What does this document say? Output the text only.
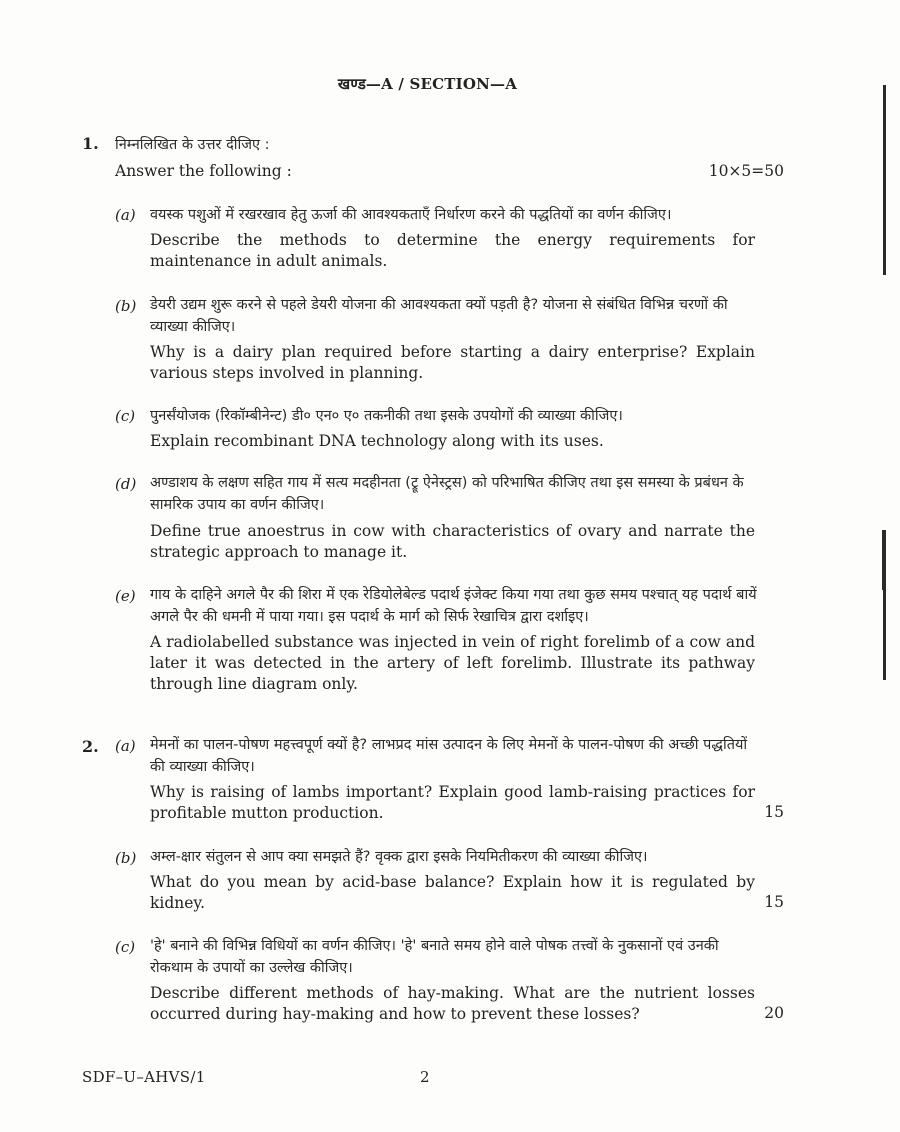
खण्ड—A / SECTION—A
1. निम्नलिखित के उत्तर दीजिए :
Answer the following :	10×5=50
(a) वयस्क पशुओं में रखरखाव हेतु ऊर्जा की आवश्यकताएँ निर्धारण करने की पद्धतियों का वर्णन कीजिए।
Describe the methods to determine the energy requirements for maintenance in adult animals.
(b) डेयरी उद्यम शुरू करने से पहले डेयरी योजना की आवश्यकता क्यों पड़ती है? योजना से संबंधित विभिन्न चरणों की व्याख्या कीजिए।
Why is a dairy plan required before starting a dairy enterprise? Explain various steps involved in planning.
(c) पुनर्संयोजक (रिकॉम्बीनेन्ट) डी० एन० ए० तकनीकी तथा इसके उपयोगों की व्याख्या कीजिए।
Explain recombinant DNA technology along with its uses.
(d) अण्डाशय के लक्षण सहित गाय में सत्य मदहीनता (ट्रू ऐनेस्ट्रस) को परिभाषित कीजिए तथा इस समस्या के प्रबंधन के सामरिक उपाय का वर्णन कीजिए।
Define true anoestrus in cow with characteristics of ovary and narrate the strategic approach to manage it.
(e) गाय के दाहिने अगले पैर की शिरा में एक रेडियोलेबेल्ड पदार्थ इंजेक्ट किया गया तथा कुछ समय पश्चात् यह पदार्थ बायें अगले पैर की धमनी में पाया गया। इस पदार्थ के मार्ग को सिर्फ रेखाचित्र द्वारा दर्शाइए।
A radiolabelled substance was injected in vein of right forelimb of a cow and later it was detected in the artery of left forelimb. Illustrate its pathway through line diagram only.
2. (a) मेमनों का पालन-पोषण महत्त्वपूर्ण क्यों है? लाभप्रद मांस उत्पादन के लिए मेमनों के पालन-पोषण की अच्छी पद्धतियों की व्याख्या कीजिए।
Why is raising of lambs important? Explain good lamb-raising practices for profitable mutton production.	15
(b) अम्ल-क्षार संतुलन से आप क्या समझते हैं? वृक्क द्वारा इसके नियमितीकरण की व्याख्या कीजिए।
What do you mean by acid-base balance? Explain how it is regulated by kidney.	15
(c) 'हे' बनाने की विभिन्न विधियों का वर्णन कीजिए। 'हे' बनाते समय होने वाले पोषक तत्त्वों के नुकसानों एवं उनकी रोकथाम के उपायों का उल्लेख कीजिए।
Describe different methods of hay-making. What are the nutrient losses occurred during hay-making and how to prevent these losses?	20
SDF–U–AHVS/1	2
